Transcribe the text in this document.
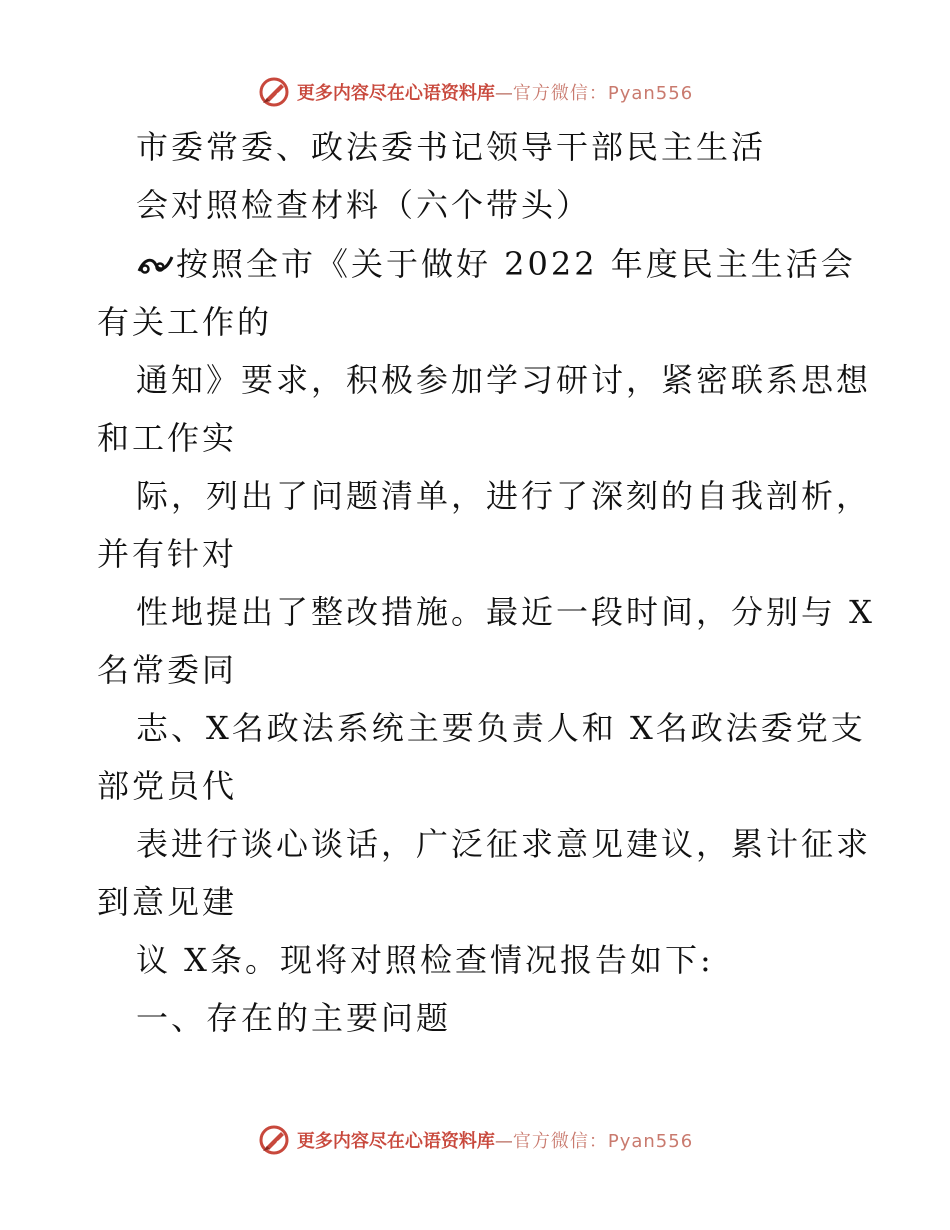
更多内容尽在心语资料库—官方微信：Pyan556
市委常委、政法委书记领导干部民主生活
会对照检查材料（六个带头）
按照全市《关于做好 2022 年度民主生活会
有关工作的
通知》要求，积极参加学习研讨，紧密联系思想
和工作实
际，列出了问题清单，进行了深刻的自我剖析，
并有针对
性地提出了整改措施。最近一段时间，分别与 X
名常委同
志、X名政法系统主要负责人和 X名政法委党支
部党员代
表进行谈心谈话，广泛征求意见建议，累计征求
到意见建
议 X条。现将对照检查情况报告如下:
一、存在的主要问题
更多内容尽在心语资料库—官方微信：Pyan556
